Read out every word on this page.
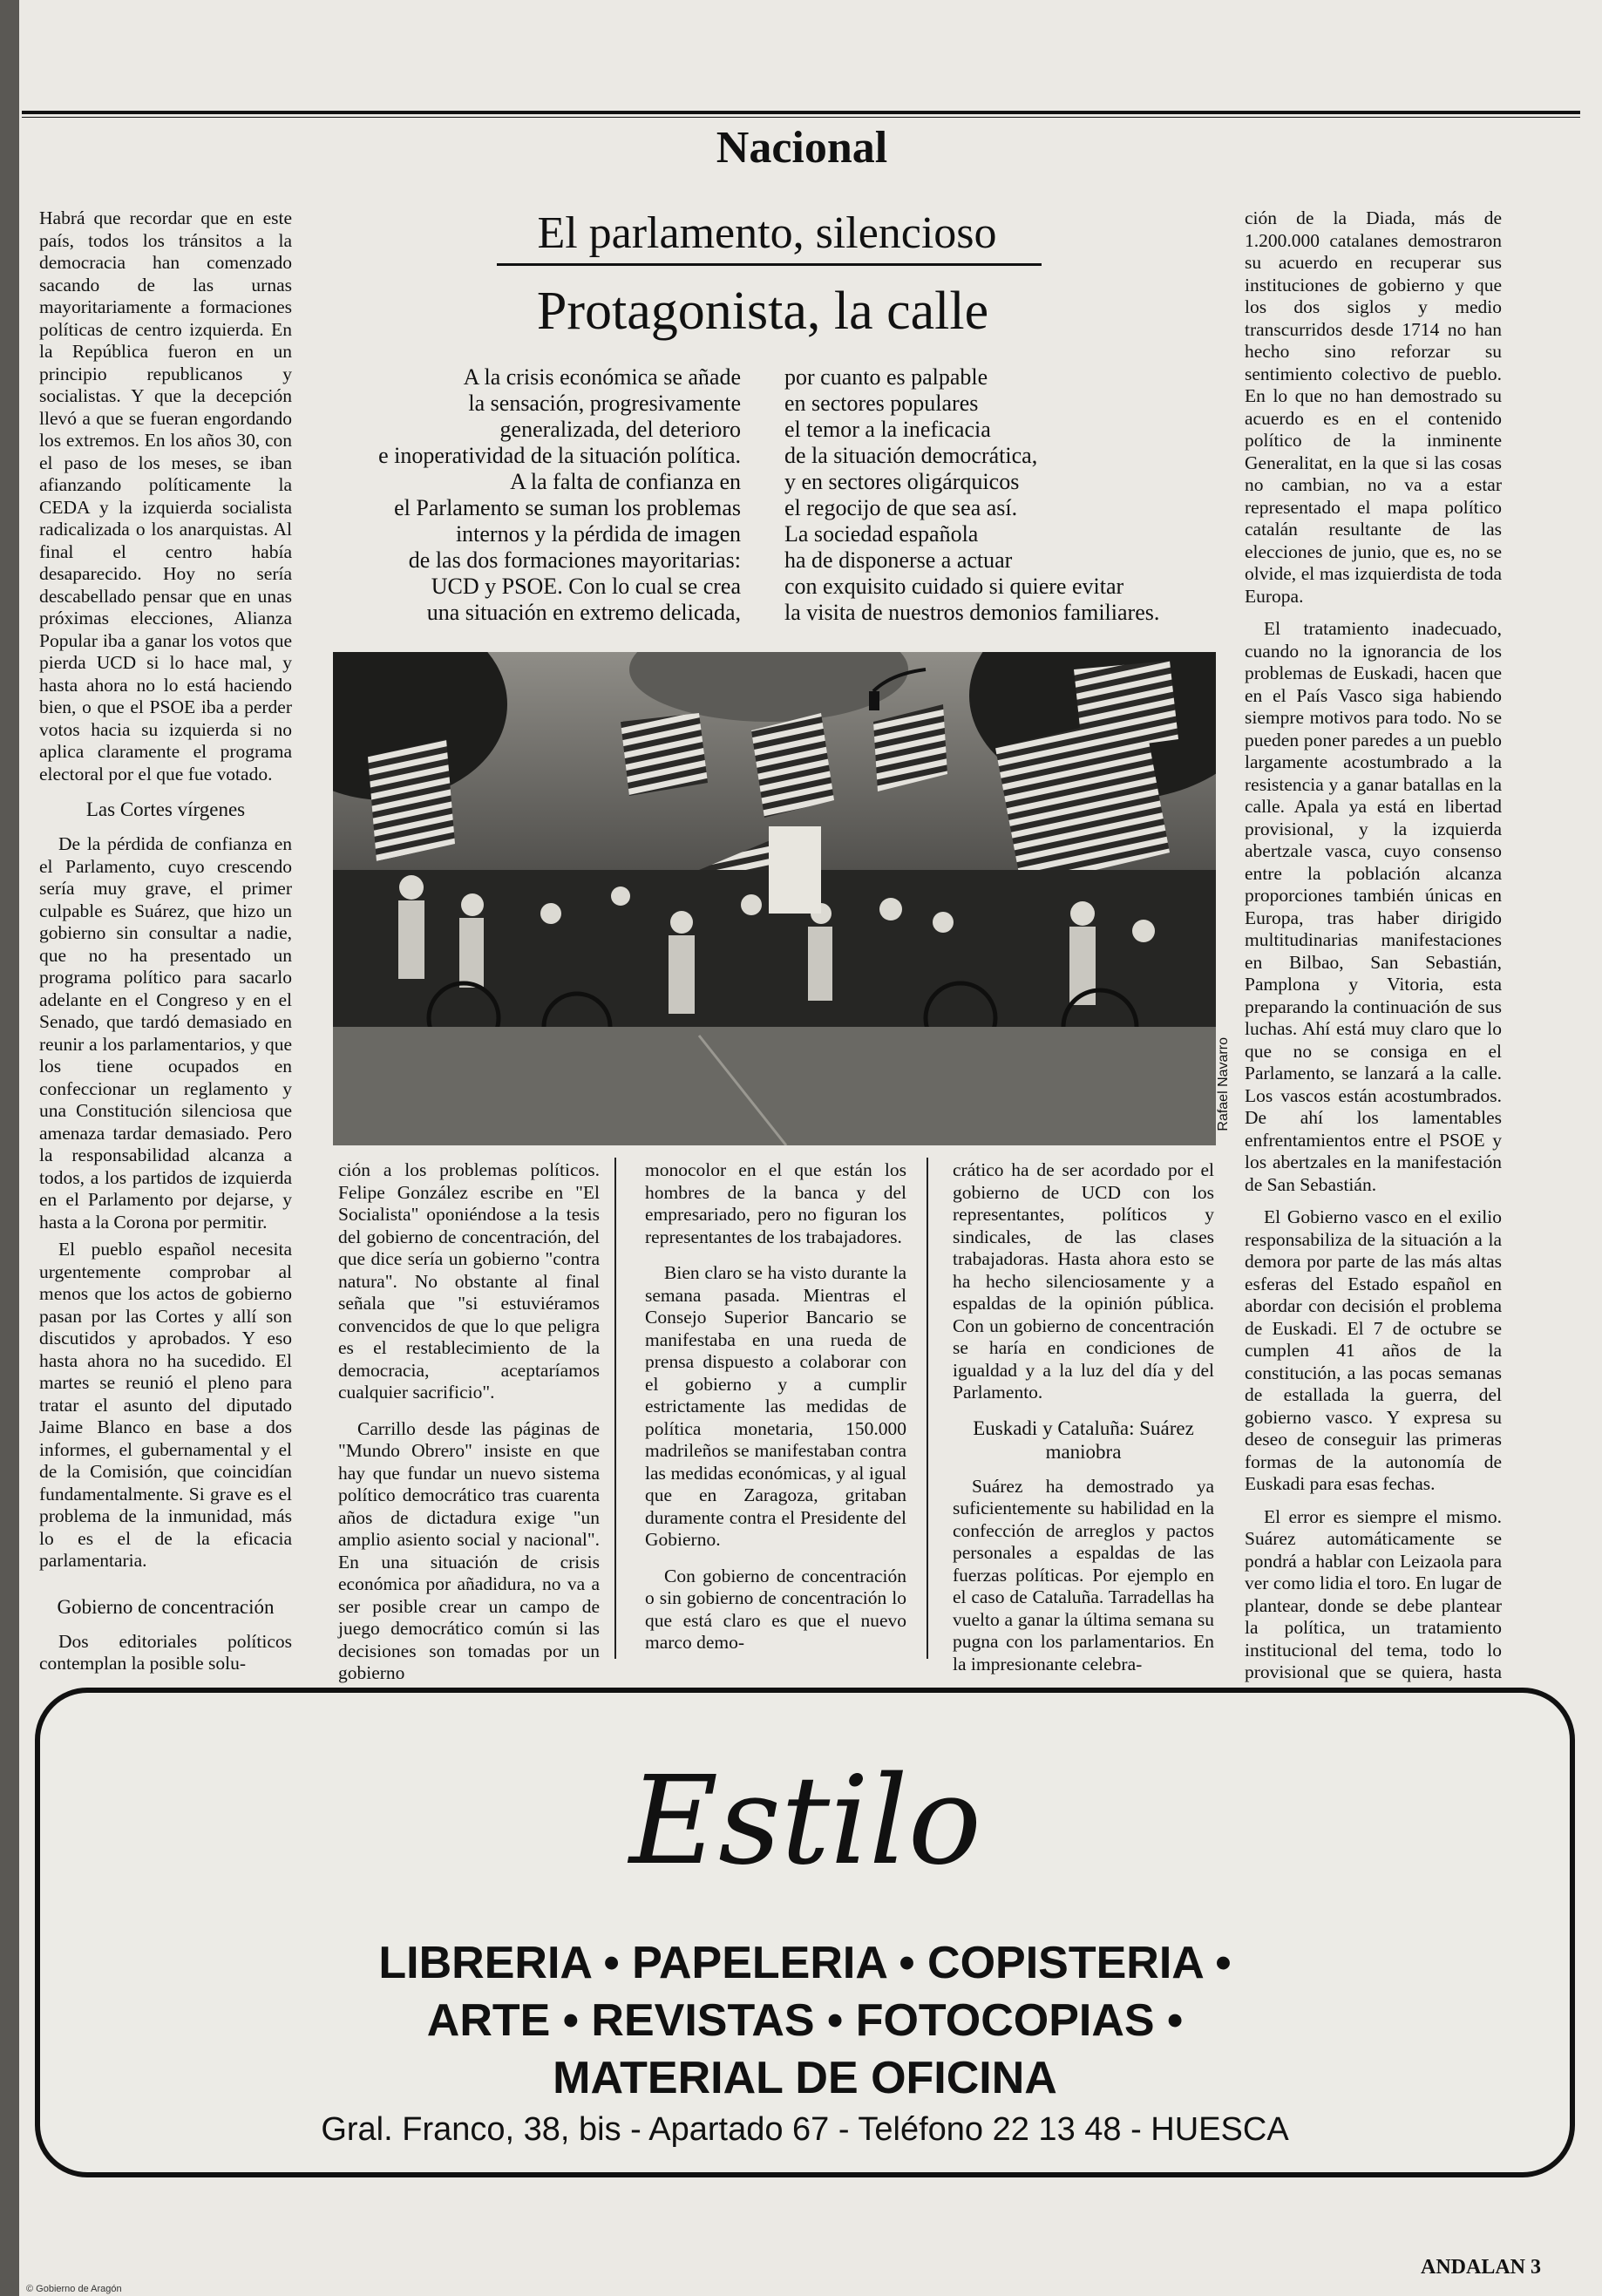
Nacional

Habrá que recordar que en este país, todos los tránsitos a la democracia han comenzado sacando de las urnas mayoritariamente a formaciones políticas de centro izquierda. En la República fueron en un principio republicanos y socialistas. Y que la decepción llevó a que se fueran engordando los extremos. En los años 30, con el paso de los meses, se iban afianzando políticamente la CEDA y la izquierda socialista radicalizada o los anarquistas. Al final el centro había desaparecido. Hoy no sería descabellado pensar que en unas próximas elecciones, Alianza Popular iba a ganar los votos que pierda UCD si lo hace mal, y hasta ahora no lo está haciendo bien, o que el PSOE iba a perder votos hacia su izquierda si no aplica claramente el programa electoral por el que fue votado.

Las Cortes vírgenes

De la pérdida de confianza en el Parlamento, cuyo crescendo sería muy grave, el primer culpable es Suárez, que hizo un gobierno sin consultar a nadie, que no ha presentado un programa político para sacarlo adelante en el Congreso y en el Senado, que tardó demasiado en reunir a los parlamentarios, y que los tiene ocupados en confeccionar un reglamento y una Constitución silenciosa que amenaza tardar demasiado. Pero la responsabilidad alcanza a todos, a los partidos de izquierda en el Parlamento por dejarse, y hasta a la Corona por permitir.

El pueblo español necesita urgentemente comprobar al menos que los actos de gobierno pasan por las Cortes y allí son discutidos y aprobados. Y eso hasta ahora no ha sucedido. El martes se reunió el pleno para tratar el asunto del diputado Jaime Blanco en base a dos informes, el gubernamental y el de la Comisión, que coincidían fundamentalmente. Si grave es el problema de la inmunidad, más lo es el de la eficacia parlamentaria.

Gobierno de concentración

Dos editoriales políticos contemplan la posible solu-

El parlamento, silencioso
Protagonista, la calle
A la crisis económica se añade
la sensación, progresivamente
generalizada, del deterioro
e inoperatividad de la situación política.
A la falta de confianza en
el Parlamento se suman los problemas
internos y la pérdida de imagen
de las dos formaciones mayoritarias:
UCD y PSOE. Con lo cual se crea
una situación en extremo delicada,
por cuanto es palpable
en sectores populares
el temor a la ineficacia
de la situación democrática,
y en sectores oligárquicos
el regocijo de que sea así.
La sociedad española
ha de disponerse a actuar
con exquisito cuidado si quiere evitar
la visita de nuestros demonios familiares.
Rafael Navarro

ción a los problemas políticos. Felipe González escribe en "El Socialista" oponiéndose a la tesis del gobierno de concentración, del que dice sería un gobierno "contra natura". No obstante al final señala que "si estuviéramos convencidos de que lo que peligra es el restablecimiento de la democracia, aceptaríamos cualquier sacrificio".

Carrillo desde las páginas de "Mundo Obrero" insiste en que hay que fundar un nuevo sistema político democrático tras cuarenta años de dictadura exige "un amplio asiento social y nacional". En una situación de crisis económica por añadidura, no va a ser posible crear un campo de juego democrático común si las decisiones son tomadas por un gobierno

monocolor en el que están los hombres de la banca y del empresariado, pero no figuran los representantes de los trabajadores.

Bien claro se ha visto durante la semana pasada. Mientras el Consejo Superior Bancario se manifestaba en una rueda de prensa dispuesto a colaborar con el gobierno y a cumplir estrictamente las medidas de política monetaria, 150.000 madrileños se manifestaban contra las medidas económicas, y al igual que en Zaragoza, gritaban duramente contra el Presidente del Gobierno.

Con gobierno de concentración o sin gobierno de concentración lo que está claro es que el nuevo marco demo-

crático ha de ser acordado por el gobierno de UCD con los representantes, políticos y sindicales, de las clases trabajadoras. Hasta ahora esto se ha hecho silenciosamente y a espaldas de la opinión pública. Con un gobierno de concentración se haría en condiciones de igualdad y a la luz del día y del Parlamento.

Euskadi y Cataluña: Suárez maniobra

Suárez ha demostrado ya suficientemente su habilidad en la confección de arreglos y pactos personales a espaldas de las fuerzas políticas. Por ejemplo en el caso de Cataluña. Tarradellas ha vuelto a ganar la última semana su pugna con los parlamentarios. En la impresionante celebra-

ción de la Diada, más de 1.200.000 catalanes demostraron su acuerdo en recuperar sus instituciones de gobierno y que los dos siglos y medio transcurridos desde 1714 no han hecho sino reforzar su sentimiento colectivo de pueblo. En lo que no han demostrado su acuerdo es en el contenido político de la inminente Generalitat, en la que si las cosas no cambian, no va a estar representado el mapa político catalán resultante de las elecciones de junio, que es, no se olvide, el mas izquierdista de toda Europa.

El tratamiento inadecuado, cuando no la ignorancia de los problemas de Euskadi, hacen que en el País Vasco siga habiendo siempre motivos para todo. No se pueden poner paredes a un pueblo largamente acostumbrado a la resistencia y a ganar batallas en la calle. Apala ya está en libertad provisional, y la izquierda abertzale vasca, cuyo consenso entre la población alcanza proporciones también únicas en Europa, tras haber dirigido multitudinarias manifestaciones en Bilbao, San Sebastián, Pamplona y Vitoria, esta preparando la continuación de sus luchas. Ahí está muy claro que lo que no se consiga en el Parlamento, se lanzará a la calle. Los vascos están acostumbrados. De ahí los lamentables enfrentamientos entre el PSOE y los abertzales en la manifestación de San Sebastián.

El Gobierno vasco en el exilio responsabiliza de la situación a la demora por parte de las más altas esferas del Estado español en abordar con decisión el problema de Euskadi. El 7 de octubre se cumplen 41 años de la constitución, a las pocas semanas de estallada la guerra, del gobierno vasco. Y expresa su deseo de conseguir las primeras formas de la autonomía de Euskadi para esas fechas.

El error es siempre el mismo. Suárez automáticamente se pondrá a hablar con Leizaola para ver como lidia el toro. En lugar de plantear, donde se debe plantear la política, un tratamiento institucional del tema, todo lo provisional que se quiera, hasta

Estilo
LIBRERIA • PAPELERIA • COPISTERIA •
ARTE • REVISTAS • FOTOCOPIAS •
MATERIAL DE OFICINA
Gral. Franco, 38, bis - Apartado 67 - Teléfono 22 13 48 - HUESCA
ANDALAN 3
© Gobierno de Aragón
